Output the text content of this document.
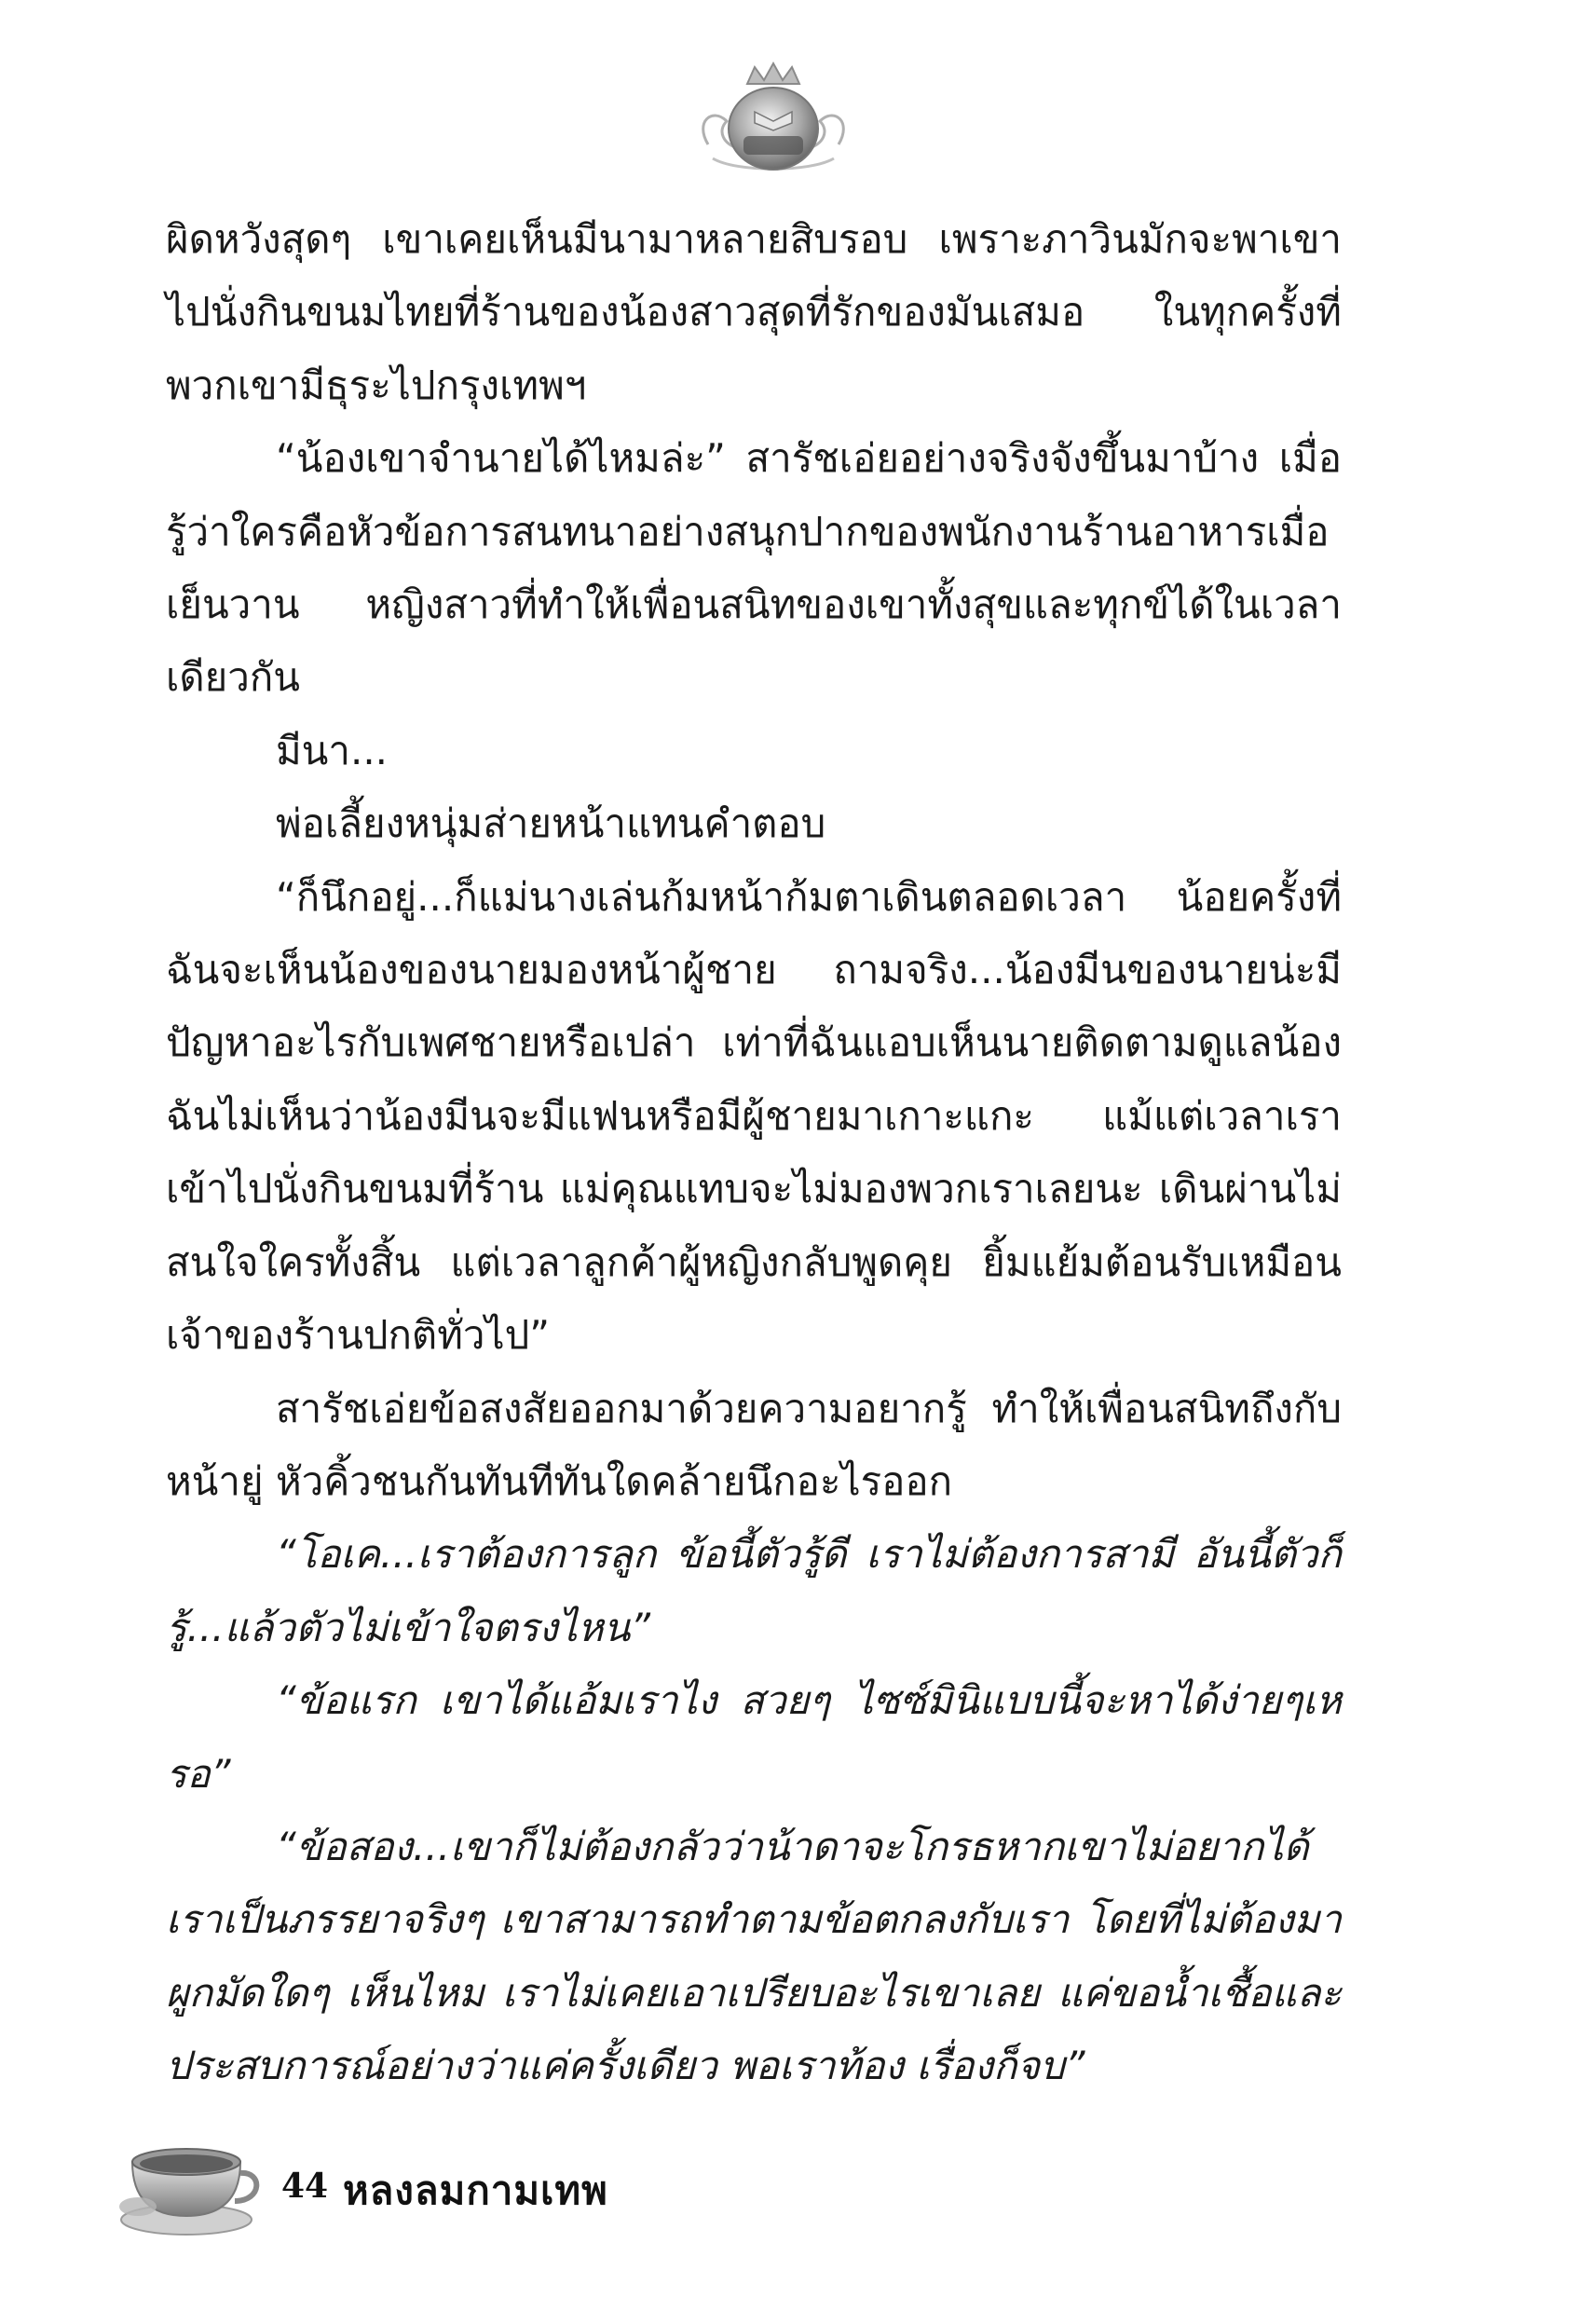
ผิดหวังสุดๆ เขาเคยเห็นมีนามาหลายสิบรอบ เพราะภาวินมักจะพาเขาไปนั่งกินขนมไทยที่ร้านของน้องสาวสุดที่รักของมันเสมอ ในทุกครั้งที่พวกเขามีธุระไปกรุงเทพฯ

“น้องเขาจำนายได้ไหมล่ะ” สารัชเอ่ยอย่างจริงจังขึ้นมาบ้าง เมื่อรู้ว่าใครคือหัวข้อการสนทนาอย่างสนุกปากของพนักงานร้านอาหารเมื่อเย็นวาน หญิงสาวที่ทำให้เพื่อนสนิทของเขาทั้งสุขและทุกข์ได้ในเวลาเดียวกัน

มีนา...

พ่อเลี้ยงหนุ่มส่ายหน้าแทนคำตอบ

“ก็นึกอยู่...ก็แม่นางเล่นก้มหน้าก้มตาเดินตลอดเวลา น้อยครั้งที่ฉันจะเห็นน้องของนายมองหน้าผู้ชาย ถามจริง...น้องมีนของนายน่ะมีปัญหาอะไรกับเพศชายหรือเปล่า เท่าที่ฉันแอบเห็นนายติดตามดูแลน้องฉันไม่เห็นว่าน้องมีนจะมีแฟนหรือมีผู้ชายมาเกาะแกะ แม้แต่เวลาเราเข้าไปนั่งกินขนมที่ร้าน แม่คุณแทบจะไม่มองพวกเราเลยนะ เดินผ่านไม่สนใจใครทั้งสิ้น แต่เวลาลูกค้าผู้หญิงกลับพูดคุย ยิ้มแย้มต้อนรับเหมือนเจ้าของร้านปกติทั่วไป”

สารัชเอ่ยข้อสงสัยออกมาด้วยความอยากรู้ ทำให้เพื่อนสนิทถึงกับหน้ายู่ หัวคิ้วชนกันทันทีทันใดคล้ายนึกอะไรออก

“โอเค...เราต้องการลูก ข้อนี้ตัวรู้ดี เราไม่ต้องการสามี อันนี้ตัวก็รู้...แล้วตัวไม่เข้าใจตรงไหน”

“ข้อแรก เขาได้แอ้มเราไง สวยๆ ไซซ์มินิแบบนี้จะหาได้ง่ายๆเหรอ”

“ข้อสอง...เขาก็ไม่ต้องกลัวว่าน้าดาจะโกรธหากเขาไม่อยากได้เราเป็นภรรยาจริงๆ เขาสามารถทำตามข้อตกลงกับเรา โดยที่ไม่ต้องมาผูกมัดใดๆ เห็นไหม เราไม่เคยเอาเปรียบอะไรเขาเลย แค่ขอน้ำเชื้อและประสบการณ์อย่างว่าแค่ครั้งเดียว พอเราท้อง เรื่องก็จบ”

44 หลงลมกามเทพ
